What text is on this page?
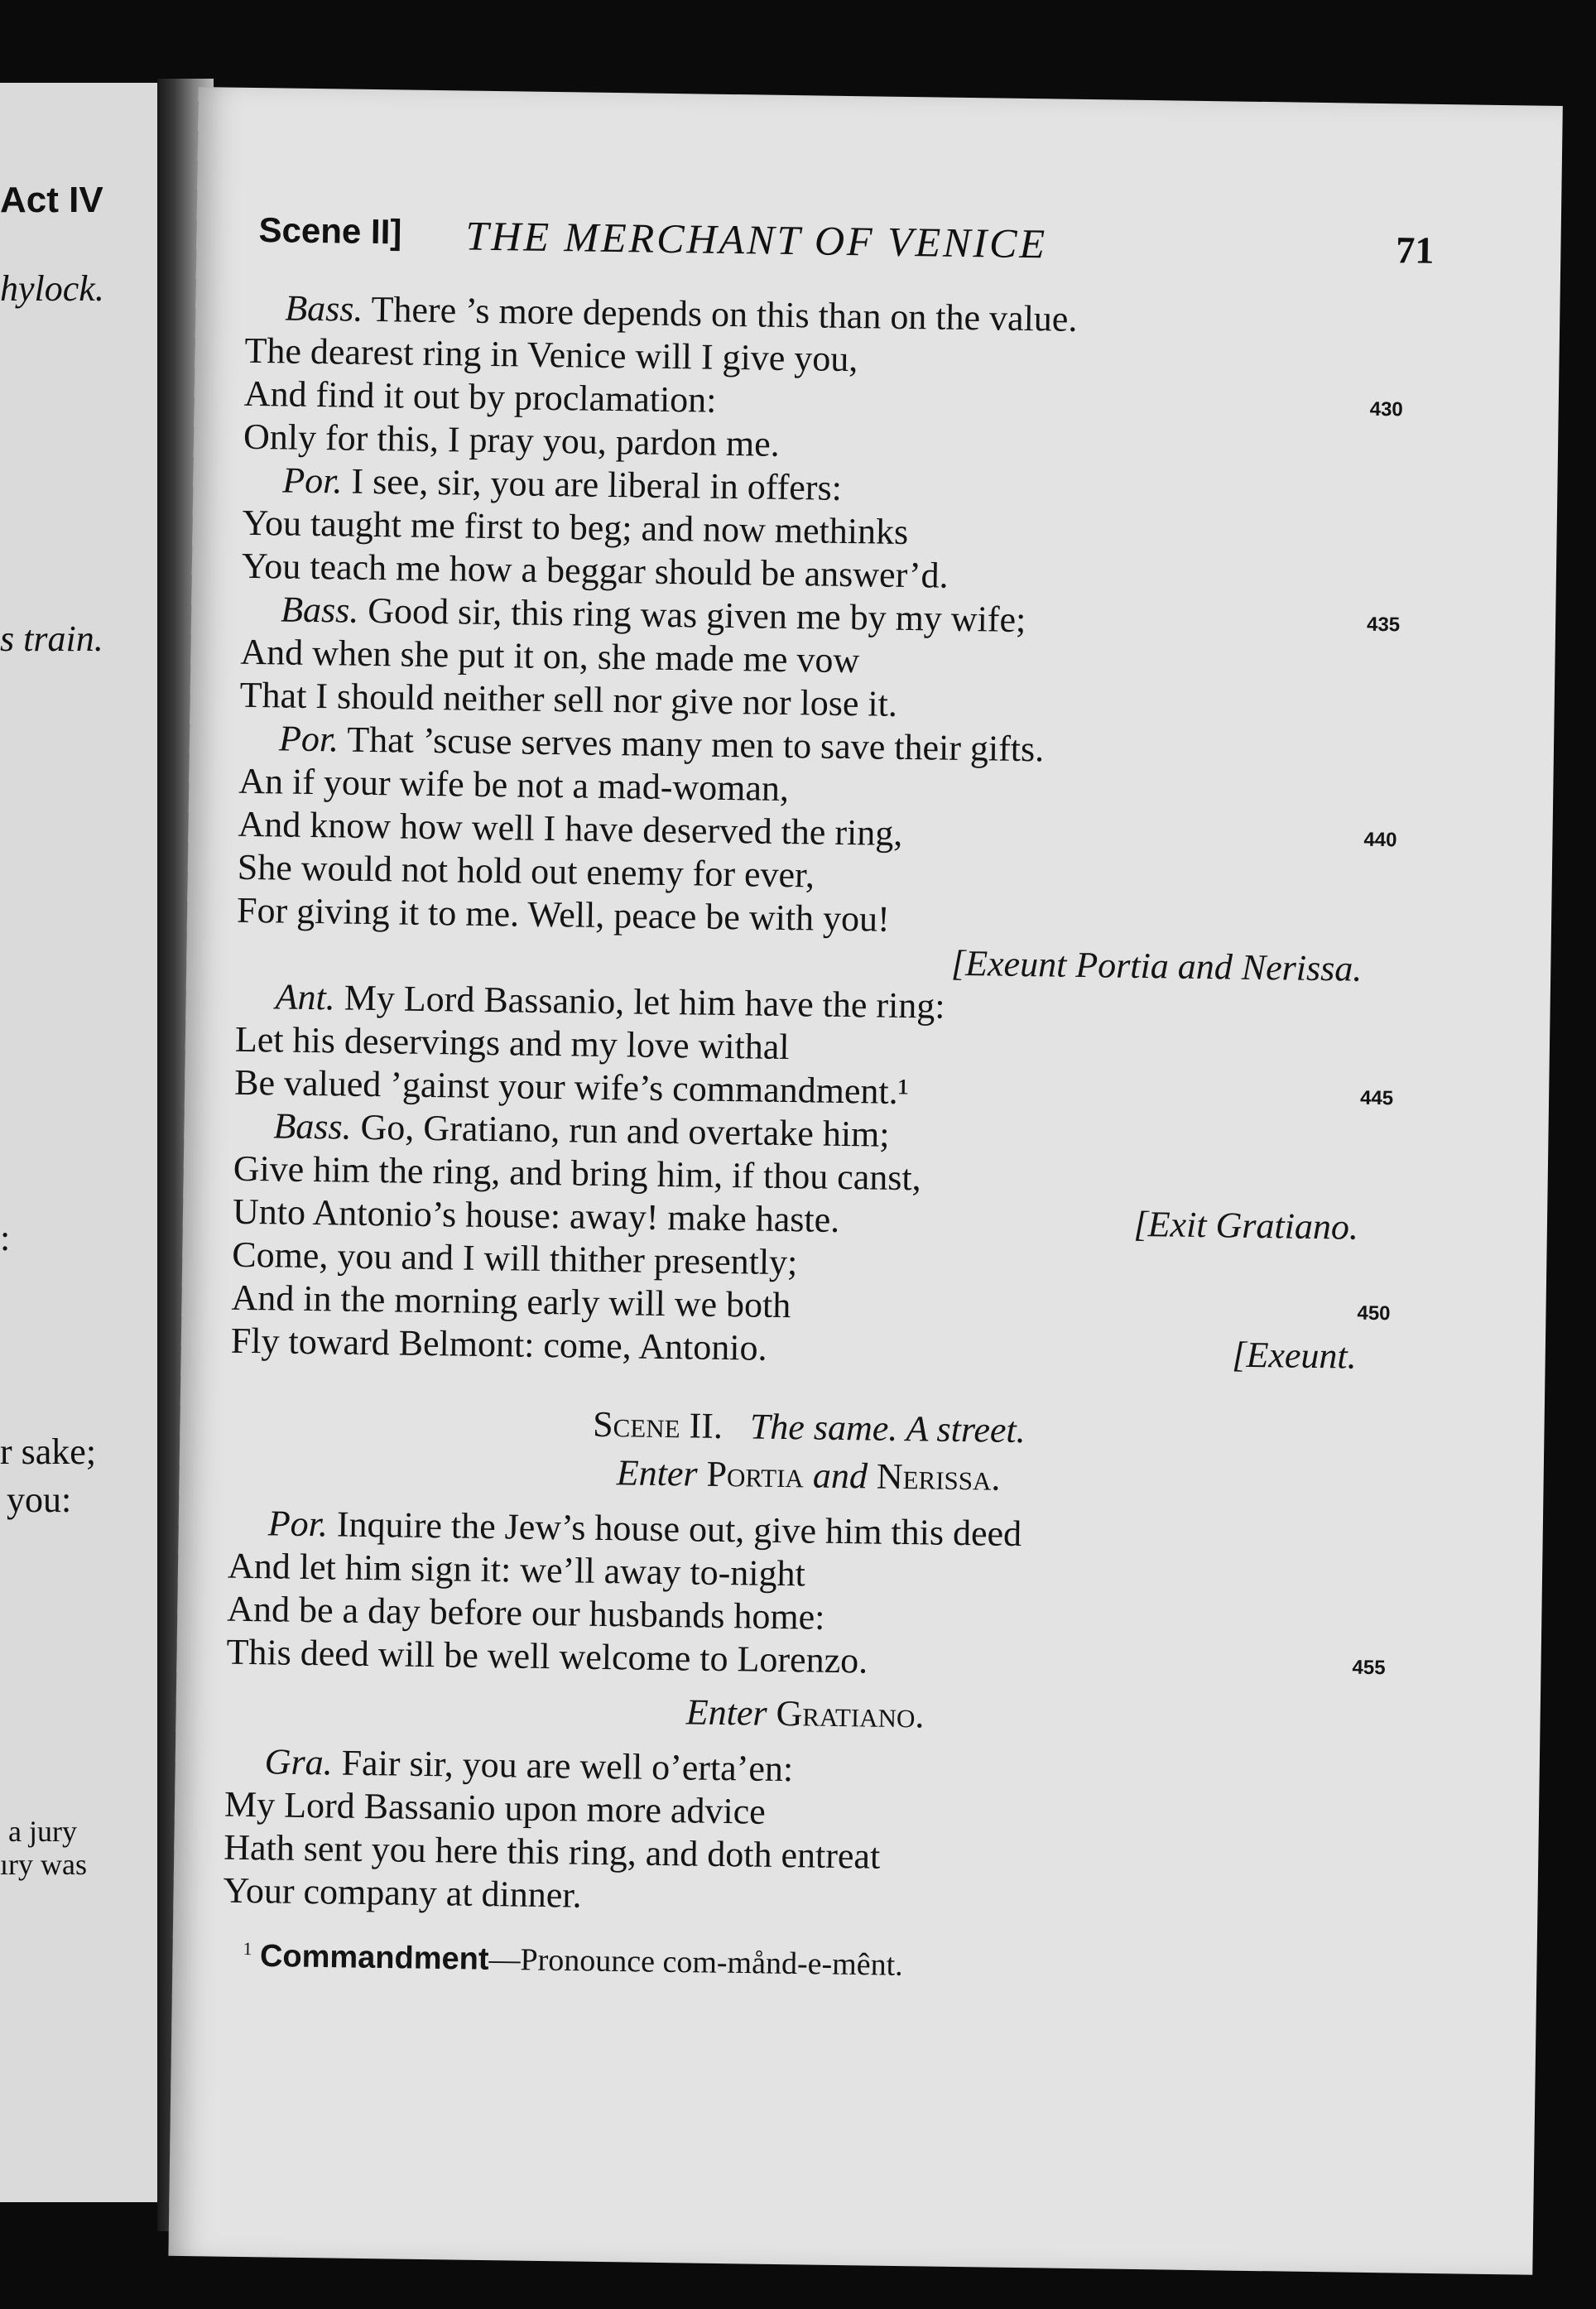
Act IV
hylock.
s train.
:
r sake;
you:
a jury
ıry was
Scene II] THE MERCHANT OF VENICE	71
Bass. There ’s more depends on this than on the value.
The dearest ring in Venice will I give you,
And find it out by proclamation:	430
Only for this, I pray you, pardon me.
Por. I see, sir, you are liberal in offers:
You taught me first to beg; and now methinks
You teach me how a beggar should be answer’d.
Bass. Good sir, this ring was given me by my wife;	435
And when she put it on, she made me vow
That I should neither sell nor give nor lose it.
Por. That ’scuse serves many men to save their gifts.
An if your wife be not a mad-woman,
And know how well I have deserved the ring,	440
She would not hold out enemy for ever,
For giving it to me. Well, peace be with you!
[Exeunt Portia and Nerissa.
Ant. My Lord Bassanio, let him have the ring:
Let his deservings and my love withal
Be valued ’gainst your wife’s commandment.¹	445
Bass. Go, Gratiano, run and overtake him;
Give him the ring, and bring him, if thou canst,
Unto Antonio’s house: away! make haste.	[Exit Gratiano.
Come, you and I will thither presently;
And in the morning early will we both	450
Fly toward Belmont: come, Antonio.	[Exeunt.
Scene II. The same. A street.
Enter Portia and Nerissa.
Por. Inquire the Jew’s house out, give him this deed
And let him sign it: we’ll away to-night
And be a day before our husbands home:
This deed will be well welcome to Lorenzo.	455
Enter Gratiano.
Gra. Fair sir, you are well o’erta’en:
My Lord Bassanio upon more advice
Hath sent you here this ring, and doth entreat
Your company at dinner.
$^1$ Commandment—Pronounce com-månd-e-mênt.
